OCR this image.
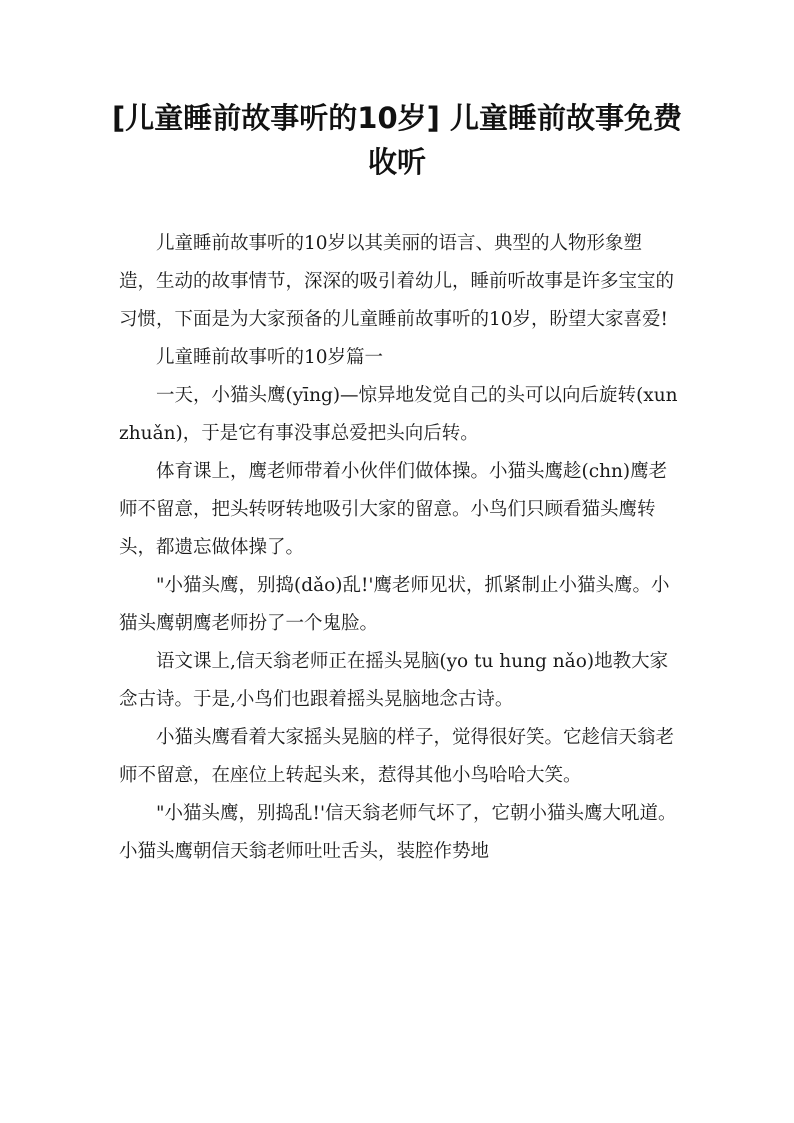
[儿童睡前故事听的10岁] 儿童睡前故事免费收听

儿童睡前故事听的10岁以其美丽的语言、典型的人物形象塑造，生动的故事情节，深深的吸引着幼儿，睡前听故事是许多宝宝的习惯，下面是为大家预备的儿童睡前故事听的10岁，盼望大家喜爱!

儿童睡前故事听的10岁篇一

一天，小猫头鹰(yīng)—惊异地发觉自己的头可以向后旋转(xun zhuǎn)，于是它有事没事总爱把头向后转。

体育课上，鹰老师带着小伙伴们做体操。小猫头鹰趁(chn)鹰老师不留意，把头转呀转地吸引大家的留意。小鸟们只顾看猫头鹰转头，都遗忘做体操了。

"小猫头鹰，别捣(dǎo)乱!'鹰老师见状，抓紧制止小猫头鹰。小猫头鹰朝鹰老师扮了一个鬼脸。

语文课上,信天翁老师正在摇头晃脑(yo tu hung nǎo)地教大家念古诗。于是,小鸟们也跟着摇头晃脑地念古诗。

小猫头鹰看着大家摇头晃脑的样子，觉得很好笑。它趁信天翁老师不留意，在座位上转起头来，惹得其他小鸟哈哈大笑。

"小猫头鹰，别捣乱!'信天翁老师气坏了，它朝小猫头鹰大吼道。小猫头鹰朝信天翁老师吐吐舌头，装腔作势地
